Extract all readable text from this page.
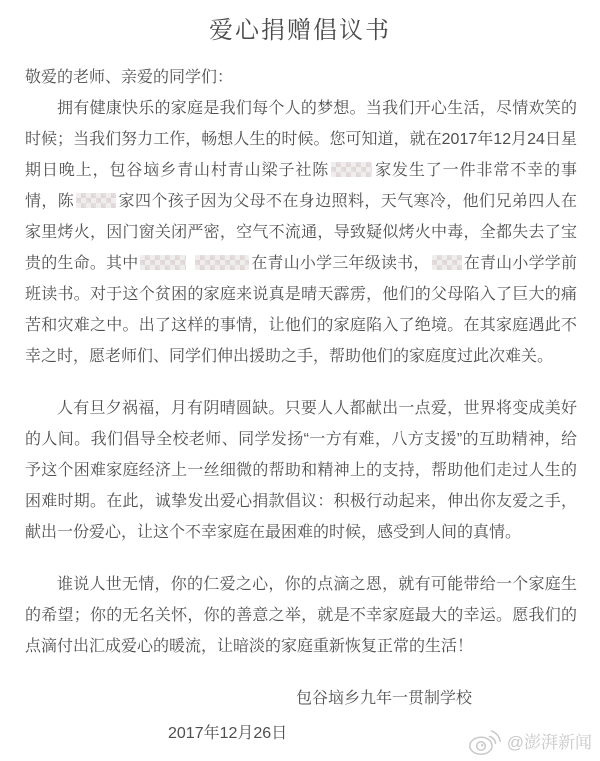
爱心捐赠倡议书

敬爱的老师、亲爱的同学们：

拥有健康快乐的家庭是我们每个人的梦想。当我们开心生活，尽情欢笑的时候；当我们努力工作，畅想人生的时候。您可知道，就在2017年12月24日星期日晚上，包谷垴乡青山村青山梁子社陈	家发生了一件非常不幸的事情，陈	家四个孩子因为父母不在身边照料，天气寒冷，他们兄弟四人在家里烤火，因门窗关闭严密，空气不流通，导致疑似烤火中毒，全都失去了宝贵的生命。其中	在青山小学三年级读书， 在青山小学学前班读书。对于这个贫困的家庭来说真是晴天霹雳，他们的父母陷入了巨大的痛苦和灾难之中。出了这样的事情，让他们的家庭陷入了绝境。在其家庭遇此不幸之时，愿老师们、同学们伸出援助之手，帮助他们的家庭度过此次难关。

人有旦夕祸福，月有阴晴圆缺。只要人人都献出一点爱，世界将变成美好的人间。我们倡导全校老师、同学发扬“一方有难，八方支援”的互助精神，给予这个困难家庭经济上一丝细微的帮助和精神上的支持，帮助他们走过人生的困难时期。在此，诚挚发出爱心捐款倡议：积极行动起来，伸出你友爱之手，献出一份爱心，让这个不幸家庭在最困难的时候，感受到人间的真情。

谁说人世无情，你的仁爱之心，你的点滴之恩，就有可能带给一个家庭生的希望；你的无名关怀，你的善意之举，就是不幸家庭最大的幸运。愿我们的点滴付出汇成爱心的暖流，让暗淡的家庭重新恢复正常的生活！

包谷垴乡九年一贯制学校
2017年12月26日	@澎湃新闻
